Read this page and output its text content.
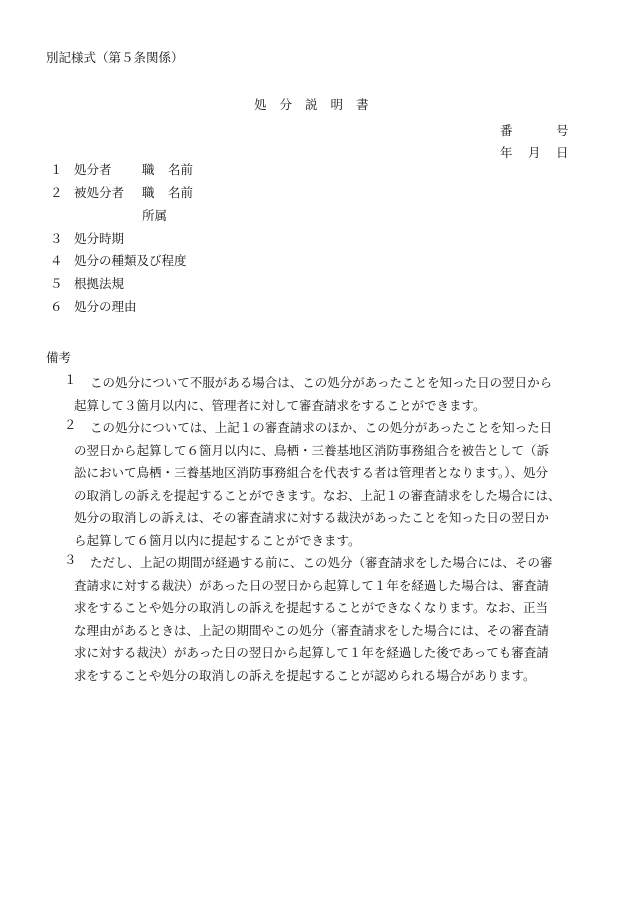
別記様式（第５条関係）
処 分 説 明 書
番	号
年	月	日
１ 処分者 職 名前
２ 被処分者 職 名前
所属
３ 処分時期
４ 処分の種類及び程度
５ 根拠法規
６ 処分の理由
備考
１ この処分について不服がある場合は、この処分があったことを知った日の翌日から
起算して３箇月以内に、管理者に対して審査請求をすることができます。

２ この処分については、上記１の審査請求のほか、この処分があったことを知った日
の翌日から起算して６箇月以内に、鳥栖・三養基地区消防事務組合を被告として（訴
訟において鳥栖・三養基地区消防事務組合を代表する者は管理者となります。）、処分
の取消しの訴えを提起することができます。なお、上記１の審査請求をした場合には、
処分の取消しの訴えは、その審査請求に対する裁決があったことを知った日の翌日か
ら起算して６箇月以内に提起することができます。

３ ただし、上記の期間が経過する前に、この処分（審査請求をした場合には、その審
査請求に対する裁決）があった日の翌日から起算して１年を経過した場合は、審査請
求をすることや処分の取消しの訴えを提起することができなくなります。なお、正当
な理由があるときは、上記の期間やこの処分（審査請求をした場合には、その審査請
求に対する裁決）があった日の翌日から起算して１年を経過した後であっても審査請
求をすることや処分の取消しの訴えを提起することが認められる場合があります。
